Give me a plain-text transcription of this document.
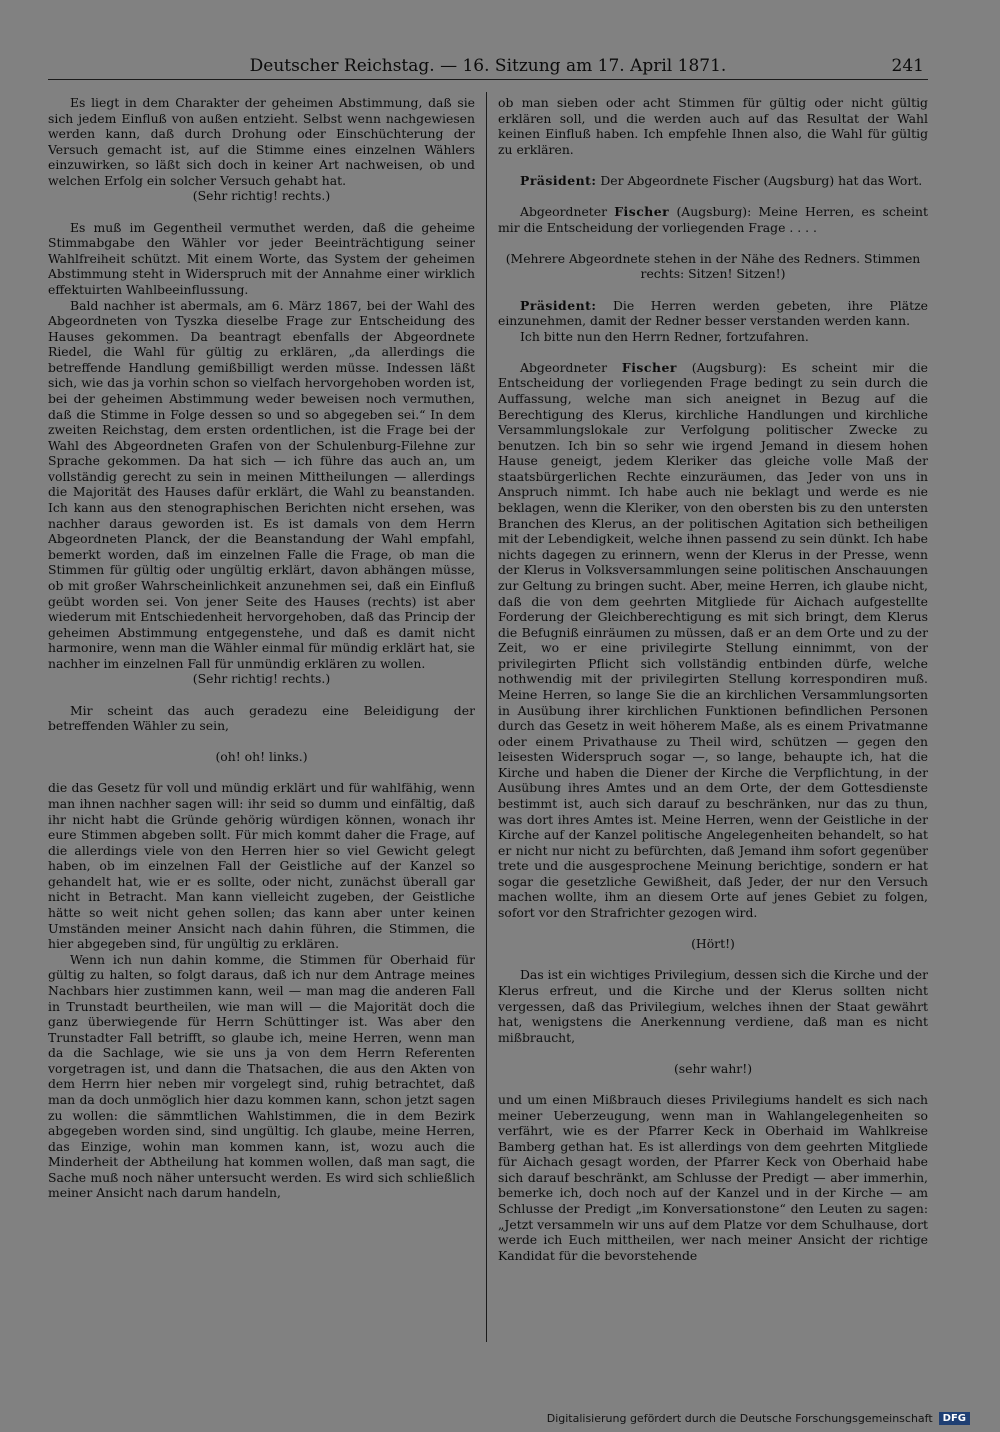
Deutscher Reichstag. — 16. Sitzung am 17. April 1871.	241

Es liegt in dem Charakter der geheimen Abstimmung, daß sie sich jedem Einfluß von außen entzieht. Selbst wenn nachgewiesen werden kann, daß durch Drohung oder Einschüchterung der Versuch gemacht ist, auf die Stimme eines einzelnen Wählers einzuwirken, so läßt sich doch in keiner Art nachweisen, ob und welchen Erfolg ein solcher Versuch gehabt hat.

(Sehr richtig! rechts.)

Es muß im Gegentheil vermuthet werden, daß die geheime Stimmabgabe den Wähler vor jeder Beeinträchtigung seiner Wahlfreiheit schützt. Mit einem Worte, das System der geheimen Abstimmung steht in Widerspruch mit der Annahme einer wirklich effektuirten Wahlbeeinflussung.

Bald nachher ist abermals, am 6. März 1867, bei der Wahl des Abgeordneten von Tyszka dieselbe Frage zur Entscheidung des Hauses gekommen. Da beantragt ebenfalls der Abgeordnete Riedel, die Wahl für gültig zu erklären, „da allerdings die betreffende Handlung gemißbilligt werden müsse. Indessen läßt sich, wie das ja vorhin schon so vielfach hervorgehoben worden ist, bei der geheimen Abstimmung weder beweisen noch vermuthen, daß die Stimme in Folge dessen so und so abgegeben sei.“ In dem zweiten Reichstag, dem ersten ordentlichen, ist die Frage bei der Wahl des Abgeordneten Grafen von der Schulenburg-Filehne zur Sprache gekommen. Da hat sich — ich führe das auch an, um vollständig gerecht zu sein in meinen Mittheilungen — allerdings die Majorität des Hauses dafür erklärt, die Wahl zu beanstanden. Ich kann aus den stenographischen Berichten nicht ersehen, was nachher daraus geworden ist. Es ist damals von dem Herrn Abgeordneten Planck, der die Beanstandung der Wahl empfahl, bemerkt worden, daß im einzelnen Falle die Frage, ob man die Stimmen für gültig oder ungültig erklärt, davon abhängen müsse, ob mit großer Wahrscheinlichkeit anzunehmen sei, daß ein Einfluß geübt worden sei. Von jener Seite des Hauses (rechts) ist aber wiederum mit Entschiedenheit hervorgehoben, daß das Princip der geheimen Abstimmung entgegenstehe, und daß es damit nicht harmonire, wenn man die Wähler einmal für mündig erklärt hat, sie nachher im einzelnen Fall für unmündig erklären zu wollen.

(Sehr richtig! rechts.)

Mir scheint das auch geradezu eine Beleidigung der betreffenden Wähler zu sein,

(oh! oh! links.)

die das Gesetz für voll und mündig erklärt und für wahlfähig, wenn man ihnen nachher sagen will: ihr seid so dumm und einfältig, daß ihr nicht habt die Gründe gehörig würdigen können, wonach ihr eure Stimmen abgeben sollt. Für mich kommt daher die Frage, auf die allerdings viele von den Herren hier so viel Gewicht gelegt haben, ob im einzelnen Fall der Geistliche auf der Kanzel so gehandelt hat, wie er es sollte, oder nicht, zunächst überall gar nicht in Betracht. Man kann vielleicht zugeben, der Geistliche hätte so weit nicht gehen sollen; das kann aber unter keinen Umständen meiner Ansicht nach dahin führen, die Stimmen, die hier abgegeben sind, für ungültig zu erklären.

Wenn ich nun dahin komme, die Stimmen für Oberhaid für gültig zu halten, so folgt daraus, daß ich nur dem Antrage meines Nachbars hier zustimmen kann, weil — man mag die anderen Fall in Trunstadt beurtheilen, wie man will — die Majorität doch die ganz überwiegende für Herrn Schüttinger ist. Was aber den Trunstadter Fall betrifft, so glaube ich, meine Herren, wenn man da die Sachlage, wie sie uns ja von dem Herrn Referenten vorgetragen ist, und dann die Thatsachen, die aus den Akten von dem Herrn hier neben mir vorgelegt sind, ruhig betrachtet, daß man da doch unmöglich hier dazu kommen kann, schon jetzt sagen zu wollen: die sämmtlichen Wahlstimmen, die in dem Bezirk abgegeben worden sind, sind ungültig. Ich glaube, meine Herren, das Einzige, wohin man kommen kann, ist, wozu auch die Minderheit der Abtheilung hat kommen wollen, daß man sagt, die Sache muß noch näher untersucht werden. Es wird sich schließlich meiner Ansicht nach darum handeln,

ob man sieben oder acht Stimmen für gültig oder nicht gültig erklären soll, und die werden auch auf das Resultat der Wahl keinen Einfluß haben. Ich empfehle Ihnen also, die Wahl für gültig zu erklären.

Präsident: Der Abgeordnete Fischer (Augsburg) hat das Wort.

Abgeordneter Fischer (Augsburg): Meine Herren, es scheint mir die Entscheidung der vorliegenden Frage . . . .

(Mehrere Abgeordnete stehen in der Nähe des Redners. Stimmen rechts: Sitzen! Sitzen!)

Präsident: Die Herren werden gebeten, ihre Plätze einzunehmen, damit der Redner besser verstanden werden kann.

Ich bitte nun den Herrn Redner, fortzufahren.

Abgeordneter Fischer (Augsburg): Es scheint mir die Entscheidung der vorliegenden Frage bedingt zu sein durch die Auffassung, welche man sich aneignet in Bezug auf die Berechtigung des Klerus, kirchliche Handlungen und kirchliche Versammlungslokale zur Verfolgung politischer Zwecke zu benutzen. Ich bin so sehr wie irgend Jemand in diesem hohen Hause geneigt, jedem Kleriker das gleiche volle Maß der staatsbürgerlichen Rechte einzuräumen, das Jeder von uns in Anspruch nimmt. Ich habe auch nie beklagt und werde es nie beklagen, wenn die Kleriker, von den obersten bis zu den untersten Branchen des Klerus, an der politischen Agitation sich betheiligen mit der Lebendigkeit, welche ihnen passend zu sein dünkt. Ich habe nichts dagegen zu erinnern, wenn der Klerus in der Presse, wenn der Klerus in Volksversammlungen seine politischen Anschauungen zur Geltung zu bringen sucht. Aber, meine Herren, ich glaube nicht, daß die von dem geehrten Mitgliede für Aichach aufgestellte Forderung der Gleichberechtigung es mit sich bringt, dem Klerus die Befugniß einräumen zu müssen, daß er an dem Orte und zu der Zeit, wo er eine privilegirte Stellung einnimmt, von der privilegirten Pflicht sich vollständig entbinden dürfe, welche nothwendig mit der privilegirten Stellung korrespondiren muß. Meine Herren, so lange Sie die an kirchlichen Versammlungsorten in Ausübung ihrer kirchlichen Funktionen befindlichen Personen durch das Gesetz in weit höherem Maße, als es einem Privatmanne oder einem Privathause zu Theil wird, schützen — gegen den leisesten Widerspruch sogar —, so lange, behaupte ich, hat die Kirche und haben die Diener der Kirche die Verpflichtung, in der Ausübung ihres Amtes und an dem Orte, der dem Gottesdienste bestimmt ist, auch sich darauf zu beschränken, nur das zu thun, was dort ihres Amtes ist. Meine Herren, wenn der Geistliche in der Kirche auf der Kanzel politische Angelegenheiten behandelt, so hat er nicht nur nicht zu befürchten, daß Jemand ihm sofort gegenüber trete und die ausgesprochene Meinung berichtige, sondern er hat sogar die gesetzliche Gewißheit, daß Jeder, der nur den Versuch machen wollte, ihm an diesem Orte auf jenes Gebiet zu folgen, sofort vor den Strafrichter gezogen wird.

(Hört!)

Das ist ein wichtiges Privilegium, dessen sich die Kirche und der Klerus erfreut, und die Kirche und der Klerus sollten nicht vergessen, daß das Privilegium, welches ihnen der Staat gewährt hat, wenigstens die Anerkennung verdiene, daß man es nicht mißbraucht,

(sehr wahr!)

und um einen Mißbrauch dieses Privilegiums handelt es sich nach meiner Ueberzeugung, wenn man in Wahlangelegenheiten so verfährt, wie es der Pfarrer Keck in Oberhaid im Wahlkreise Bamberg gethan hat. Es ist allerdings von dem geehrten Mitgliede für Aichach gesagt worden, der Pfarrer Keck von Oberhaid habe sich darauf beschränkt, am Schlusse der Predigt — aber immerhin, bemerke ich, doch noch auf der Kanzel und in der Kirche — am Schlusse der Predigt „im Konversationstone“ den Leuten zu sagen: „Jetzt versammeln wir uns auf dem Platze vor dem Schulhause, dort werde ich Euch mittheilen, wer nach meiner Ansicht der richtige Kandidat für die bevorstehende

Digitalisierung gefördert durch die Deutsche Forschungsgemeinschaft	DFG
